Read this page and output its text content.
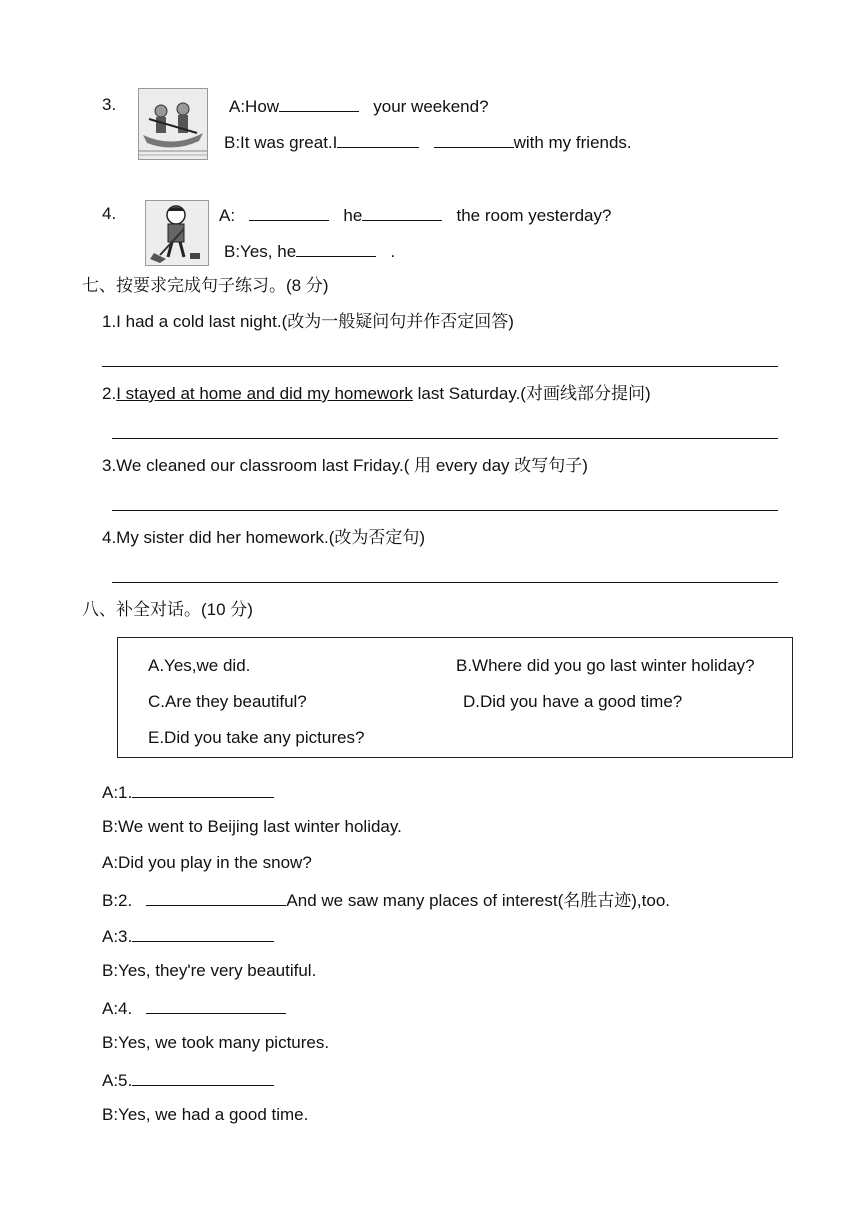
3.	A:How	your weekend?
B:It was great.I	with my friends.
4.	A:	he	the room yesterday?
B:Yes, he	.
七、按要求完成句子练习。(8 分)
1.I had a cold last night.(改为一般疑问句并作否定回答)
2.I stayed at home and did my homework last Saturday.(对画线部分提问)
3.We cleaned our classroom last Friday.( 用 every day 改写句子)
4.My sister did her homework.(改为否定句)
八、补全对话。(10 分)
A.Yes,we did.	B.Where did you go last winter holiday?
C.Are they beautiful?	D.Did you have a good time?
E.Did you take any pictures?
A:1.
B:We went to Beijing last winter holiday.
A:Did you play in the snow?
B:2.	And we saw many places of interest(名胜古迹),too.
A:3.
B:Yes, they're very beautiful.
A:4.
B:Yes, we took many pictures.
A:5.
B:Yes, we had a good time.
